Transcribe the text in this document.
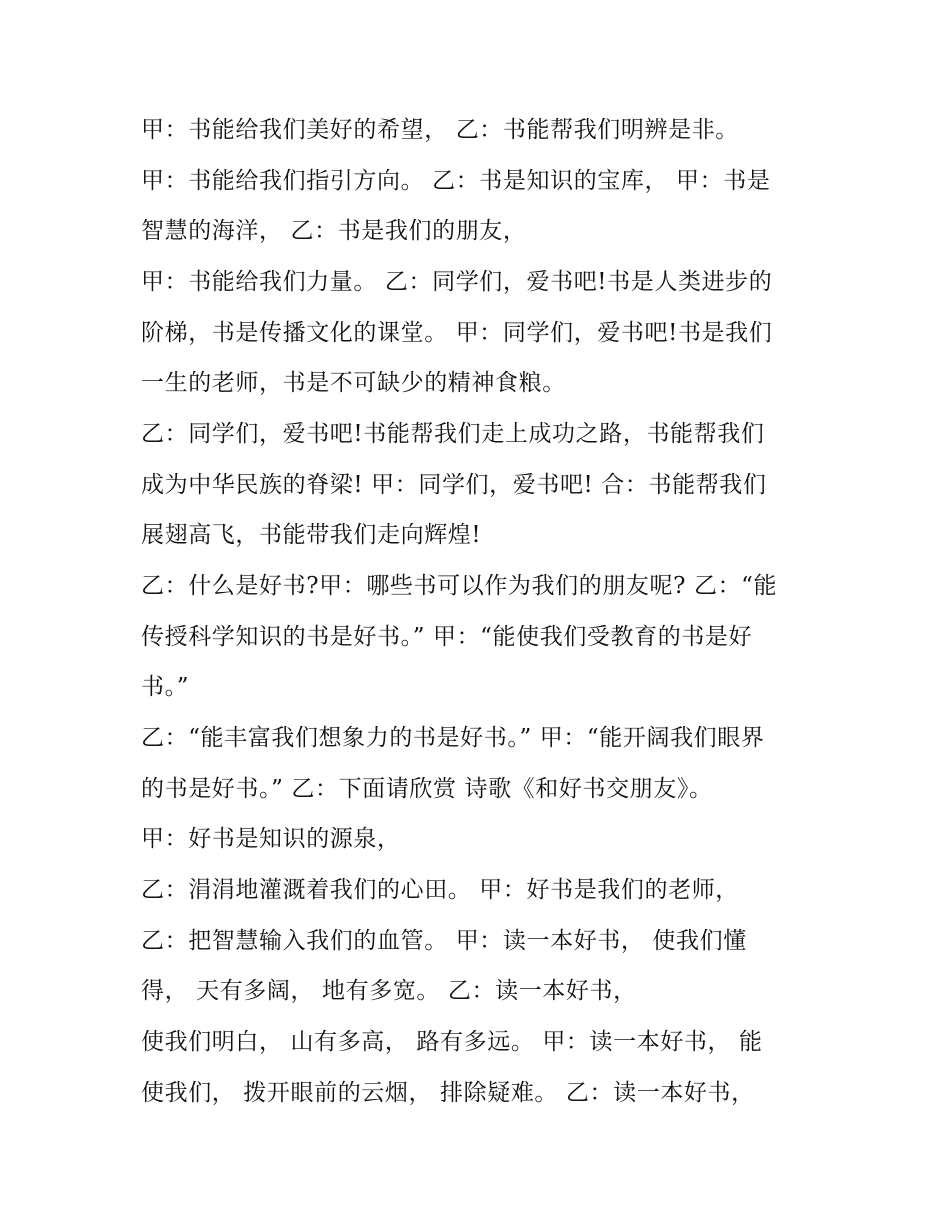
甲：书能给我们美好的希望， 乙：书能帮我们明辨是非。

甲：书能给我们指引方向。 乙：书是知识的宝库， 甲：书是

智慧的海洋， 乙：书是我们的朋友，

甲：书能给我们力量。 乙：同学们，爱书吧!书是人类进步的

阶梯，书是传播文化的课堂。 甲：同学们，爱书吧!书是我们

一生的老师，书是不可缺少的精神食粮。

乙：同学们，爱书吧!书能帮我们走上成功之路，书能帮我们

成为中华民族的脊梁! 甲：同学们，爱书吧! 合：书能帮我们

展翅高飞，书能带我们走向辉煌!

乙：什么是好书?甲：哪些书可以作为我们的朋友呢? 乙：“能

传授科学知识的书是好书。” 甲：“能使我们受教育的书是好

书。”

乙：“能丰富我们想象力的书是好书。” 甲：“能开阔我们眼界

的书是好书。” 乙：下面请欣赏 诗歌《和好书交朋友》。

甲：好书是知识的源泉，

乙：涓涓地灌溉着我们的心田。 甲：好书是我们的老师，

乙：把智慧输入我们的血管。 甲：读一本好书， 使我们懂

得， 天有多阔， 地有多宽。 乙：读一本好书，

使我们明白， 山有多高， 路有多远。 甲：读一本好书， 能

使我们， 拨开眼前的云烟， 排除疑难。 乙：读一本好书，
